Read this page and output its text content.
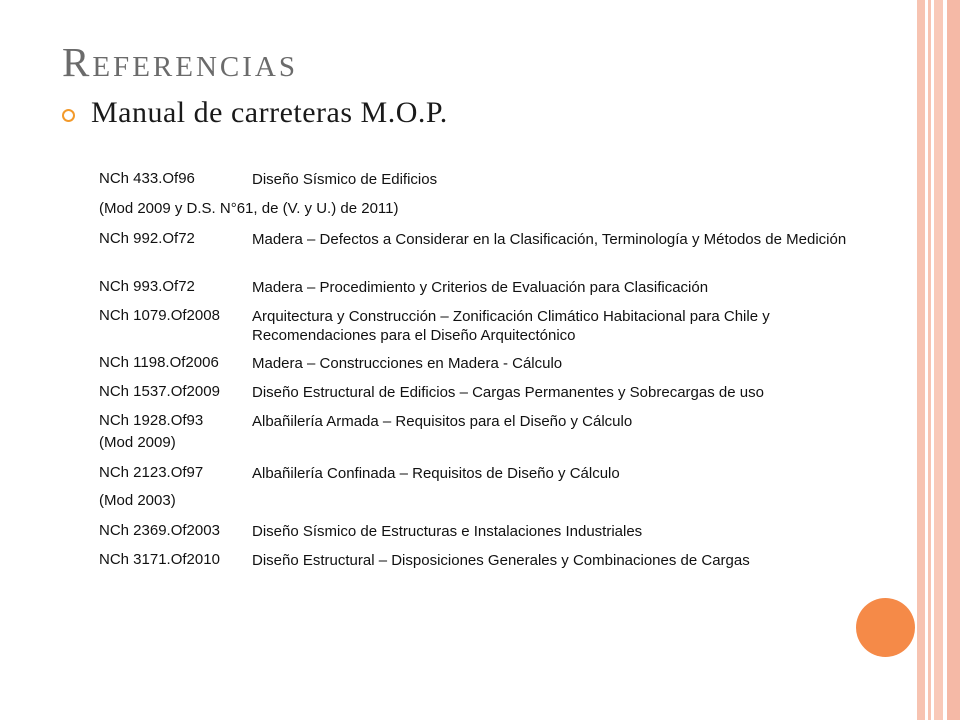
Referencias
Manual de carreteras M.O.P.
NCh 433.Of96	Diseño Sísmico de Edificios
(Mod 2009 y D.S. N°61, de (V. y U.) de 2011)
NCh 992.Of72	Madera – Defectos a Considerar en la Clasificación, Terminología y Métodos de Medición
NCh 993.Of72	Madera – Procedimiento y Criterios de Evaluación para Clasificación
NCh 1079.Of2008 Arquitectura y Construcción – Zonificación Climático Habitacional para Chile y Recomendaciones para el Diseño Arquitectónico
NCh 1198.Of2006 Madera – Construcciones en Madera - Cálculo
NCh 1537.Of2009 Diseño Estructural de Edificios – Cargas Permanentes y Sobrecargas de uso
NCh 1928.Of93	Albañilería Armada – Requisitos para el Diseño y Cálculo
(Mod 2009)
NCh 2123.Of97	Albañilería Confinada – Requisitos de Diseño y Cálculo
(Mod 2003)
NCh 2369.Of2003 Diseño Sísmico de Estructuras e Instalaciones Industriales
NCh 3171.Of2010 Diseño Estructural – Disposiciones Generales y Combinaciones de Cargas
